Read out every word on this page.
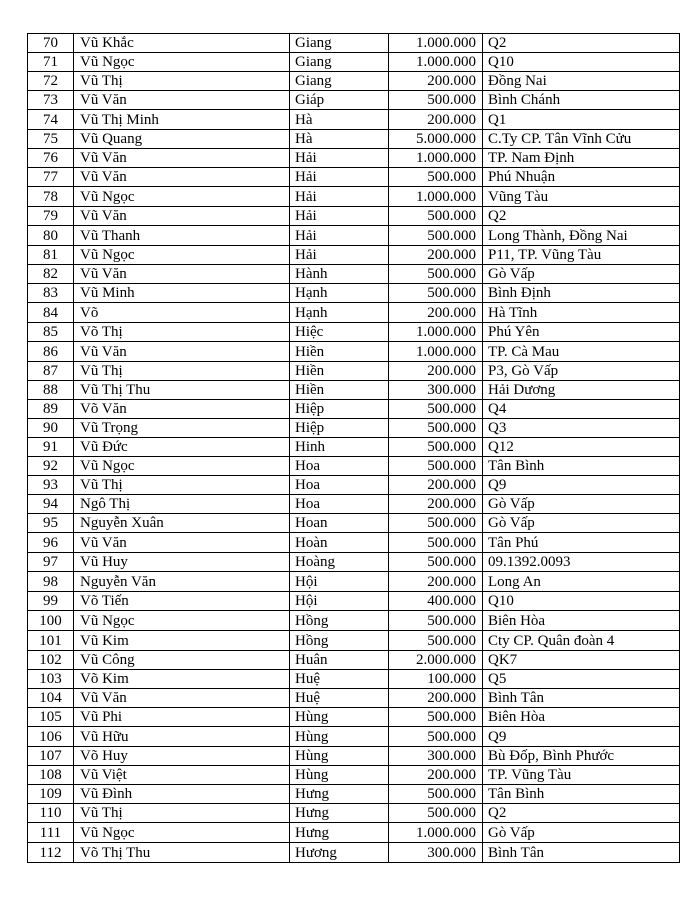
70	Vũ Khắc	Giang	1.000.000	Q2
71	Vũ Ngọc	Giang	1.000.000	Q10
72	Vũ Thị	Giang	200.000	Đồng Nai
73	Vũ Văn	Giáp	500.000	Bình Chánh
74	Vũ Thị Minh	Hà	200.000	Q1
75	Vũ Quang	Hà	5.000.000	C.Ty CP. Tân Vĩnh Cửu
76	Vũ Văn	Hải	1.000.000	TP. Nam Định
77	Vũ Văn	Hải	500.000	Phú Nhuận
78	Vũ Ngọc	Hải	1.000.000	Vũng Tàu
79	Vũ Văn	Hải	500.000	Q2
80	Vũ Thanh	Hải	500.000	Long Thành, Đồng Nai
81	Vũ Ngọc	Hải	200.000	P11, TP. Vũng Tàu
82	Vũ Văn	Hành	500.000	Gò Vấp
83	Vũ Minh	Hạnh	500.000	Bình Định
84	Võ	Hạnh	200.000	Hà Tĩnh
85	Võ Thị	Hiệc	1.000.000	Phú Yên
86	Vũ Văn	Hiền	1.000.000	TP. Cà Mau
87	Vũ Thị	Hiền	200.000	P3, Gò Vấp
88	Vũ Thị Thu	Hiền	300.000	Hải Dương
89	Võ Văn	Hiệp	500.000	Q4
90	Vũ Trọng	Hiệp	500.000	Q3
91	Vũ Đức	Hinh	500.000	Q12
92	Vũ Ngọc	Hoa	500.000	Tân Bình
93	Vũ Thị	Hoa	200.000	Q9
94	Ngô Thị	Hoa	200.000	Gò Vấp
95	Nguyễn Xuân	Hoan	500.000	Gò Vấp
96	Vũ Văn	Hoàn	500.000	Tân Phú
97	Vũ Huy	Hoàng	500.000	09.1392.0093
98	Nguyễn Văn	Hội	200.000	Long An
99	Võ Tiến	Hội	400.000	Q10
100	Vũ Ngọc	Hồng	500.000	Biên Hòa
101	Vũ Kim	Hồng	500.000	Cty CP. Quân đoàn 4
102	Vũ Công	Huân	2.000.000	QK7
103	Võ Kim	Huệ	100.000	Q5
104	Vũ Văn	Huệ	200.000	Bình Tân
105	Vũ Phi	Hùng	500.000	Biên Hòa
106	Vũ Hữu	Hùng	500.000	Q9
107	Võ Huy	Hùng	300.000	Bù Đốp, Bình Phước
108	Vũ Việt	Hùng	200.000	TP. Vũng Tàu
109	Vũ Đình	Hưng	500.000	Tân Bình
110	Vũ Thị	Hưng	500.000	Q2
111	Vũ Ngọc	Hưng	1.000.000	Gò Vấp
112	Võ Thị Thu	Hương	300.000	Bình Tân
